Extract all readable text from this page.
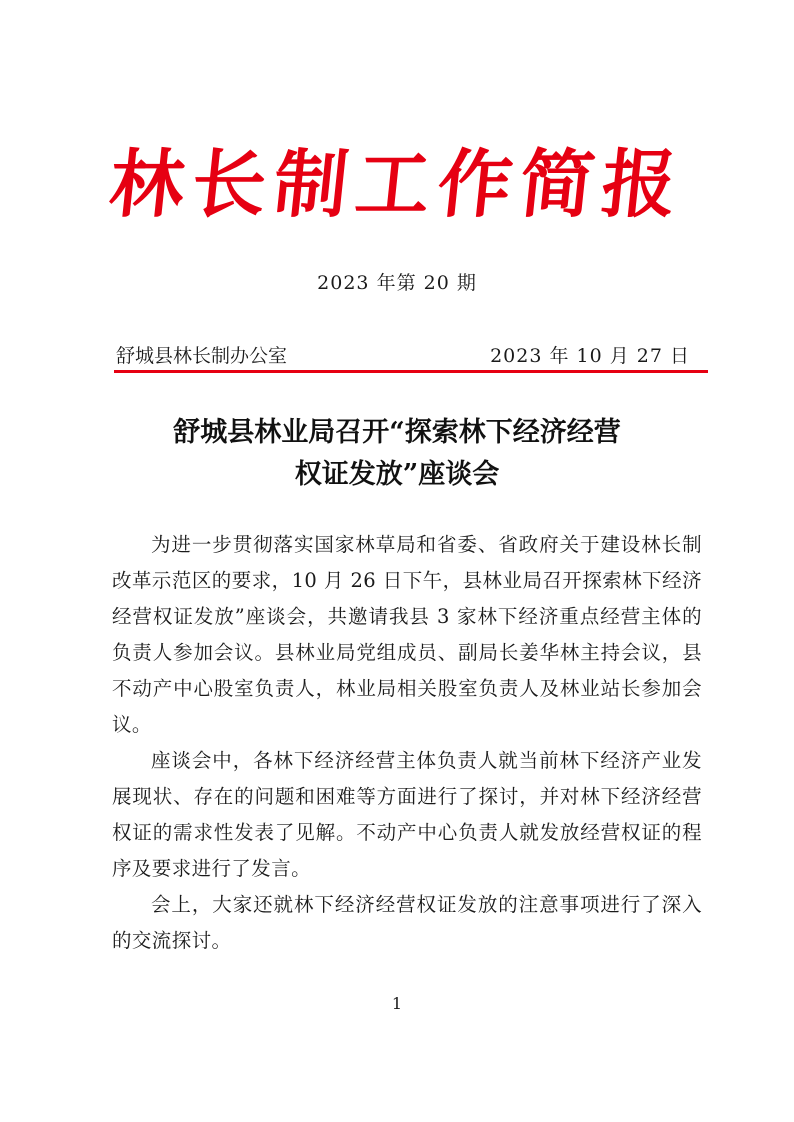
林长制工作简报
2023 年第 20 期
舒城县林长制办公室	2023 年 10 月 27 日
舒城县林业局召开“探索林下经济经营
权证发放”座谈会

为进一步贯彻落实国家林草局和省委、省政府关于建设林长制改革示范区的要求，10 月 26 日下午，县林业局召开探索林下经济经营权证发放”座谈会，共邀请我县 3 家林下经济重点经营主体的负责人参加会议。县林业局党组成员、副局长姜华林主持会议，县不动产中心股室负责人，林业局相关股室负责人及林业站长参加会议。

座谈会中，各林下经济经营主体负责人就当前林下经济产业发展现状、存在的问题和困难等方面进行了探讨，并对林下经济经营权证的需求性发表了见解。不动产中心负责人就发放经营权证的程序及要求进行了发言。

会上，大家还就林下经济经营权证发放的注意事项进行了深入的交流探讨。

1
